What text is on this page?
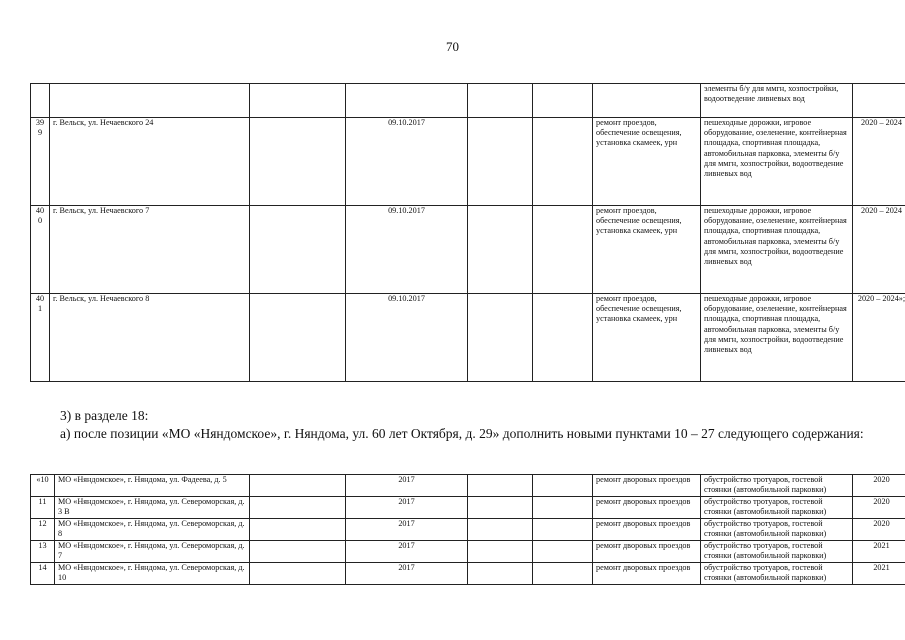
70
							элементы б/у для ммгн, хозпостройки, водоотведение ливневых вод	
399	г. Вельск, ул. Нечаевского 24		09.10.2017			ремонт проездов, обеспечение освещения, установка скамеек, урн	пешеходные дорожки, игровое оборудование, озеленение, контейнерная площадка, спортивная площадка, автомобильная парковка, элементы б/у для ммгн, хозпостройки, водоотведение ливневых вод	2020 – 2024
400	г. Вельск, ул. Нечаевского 7		09.10.2017			ремонт проездов, обеспечение освещения, установка скамеек, урн	пешеходные дорожки, игровое оборудование, озеленение, контейнерная площадка, спортивная площадка, автомобильная парковка, элементы б/у для ммгн, хозпостройки, водоотведение ливневых вод	2020 – 2024
401	г. Вельск, ул. Нечаевского 8		09.10.2017			ремонт проездов, обеспечение освещения, установка скамеек, урн	пешеходные дорожки, игровое оборудование, озеленение, контейнерная площадка, спортивная площадка, автомобильная парковка, элементы б/у для ммгн, хозпостройки, водоотведение ливневых вод	2020 – 2024»;
3) в разделе 18:
а) после позиции «МО «Няндомское», г. Няндома, ул. 60 лет Октября, д. 29» дополнить новыми пунктами 10 – 27 следующего содержания:
«10	МО «Няндомское», г. Няндома, ул. Фадеева, д. 5		2017			ремонт дворовых проездов	обустройство тротуаров, гостевой стоянки (автомобильной парковки)	2020
11	МО «Няндомское», г. Няндома, ул. Североморская, д. 3 В		2017			ремонт дворовых проездов	обустройство тротуаров, гостевой стоянки (автомобильной парковки)	2020
12	МО «Няндомское», г. Няндома, ул. Североморская, д. 8		2017			ремонт дворовых проездов	обустройство тротуаров, гостевой стоянки (автомобильной парковки)	2020
13	МО «Няндомское», г. Няндома, ул. Североморская, д. 7		2017			ремонт дворовых проездов	обустройство тротуаров, гостевой стоянки (автомобильной парковки)	2021
14	МО «Няндомское», г. Няндома, ул. Североморская, д. 10		2017			ремонт дворовых проездов	обустройство тротуаров, гостевой стоянки (автомобильной парковки)	2021
